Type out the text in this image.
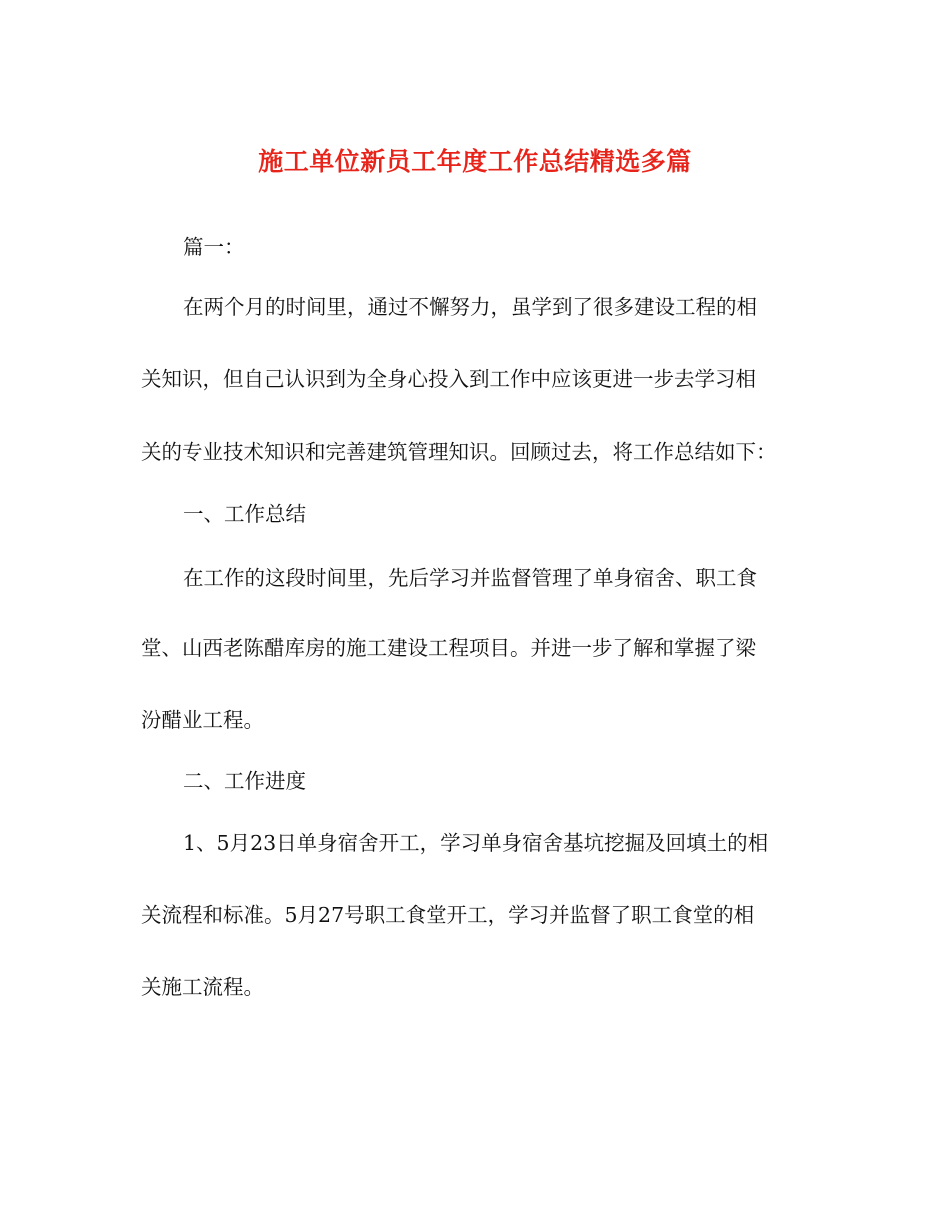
施工单位新员工年度工作总结精选多篇
篇一：
在两个月的时间里，通过不懈努力，虽学到了很多建设工程的相
关知识，但自己认识到为全身心投入到工作中应该更进一步去学习相
关的专业技术知识和完善建筑管理知识。回顾过去，将工作总结如下：
一、工作总结
在工作的这段时间里，先后学习并监督管理了单身宿舍、职工食
堂、山西老陈醋库房的施工建设工程项目。并进一步了解和掌握了梁
汾醋业工程。
二、工作进度
1、5月23日单身宿舍开工，学习单身宿舍基坑挖掘及回填土的相
关流程和标准。5月27号职工食堂开工，学习并监督了职工食堂的相
关施工流程。
